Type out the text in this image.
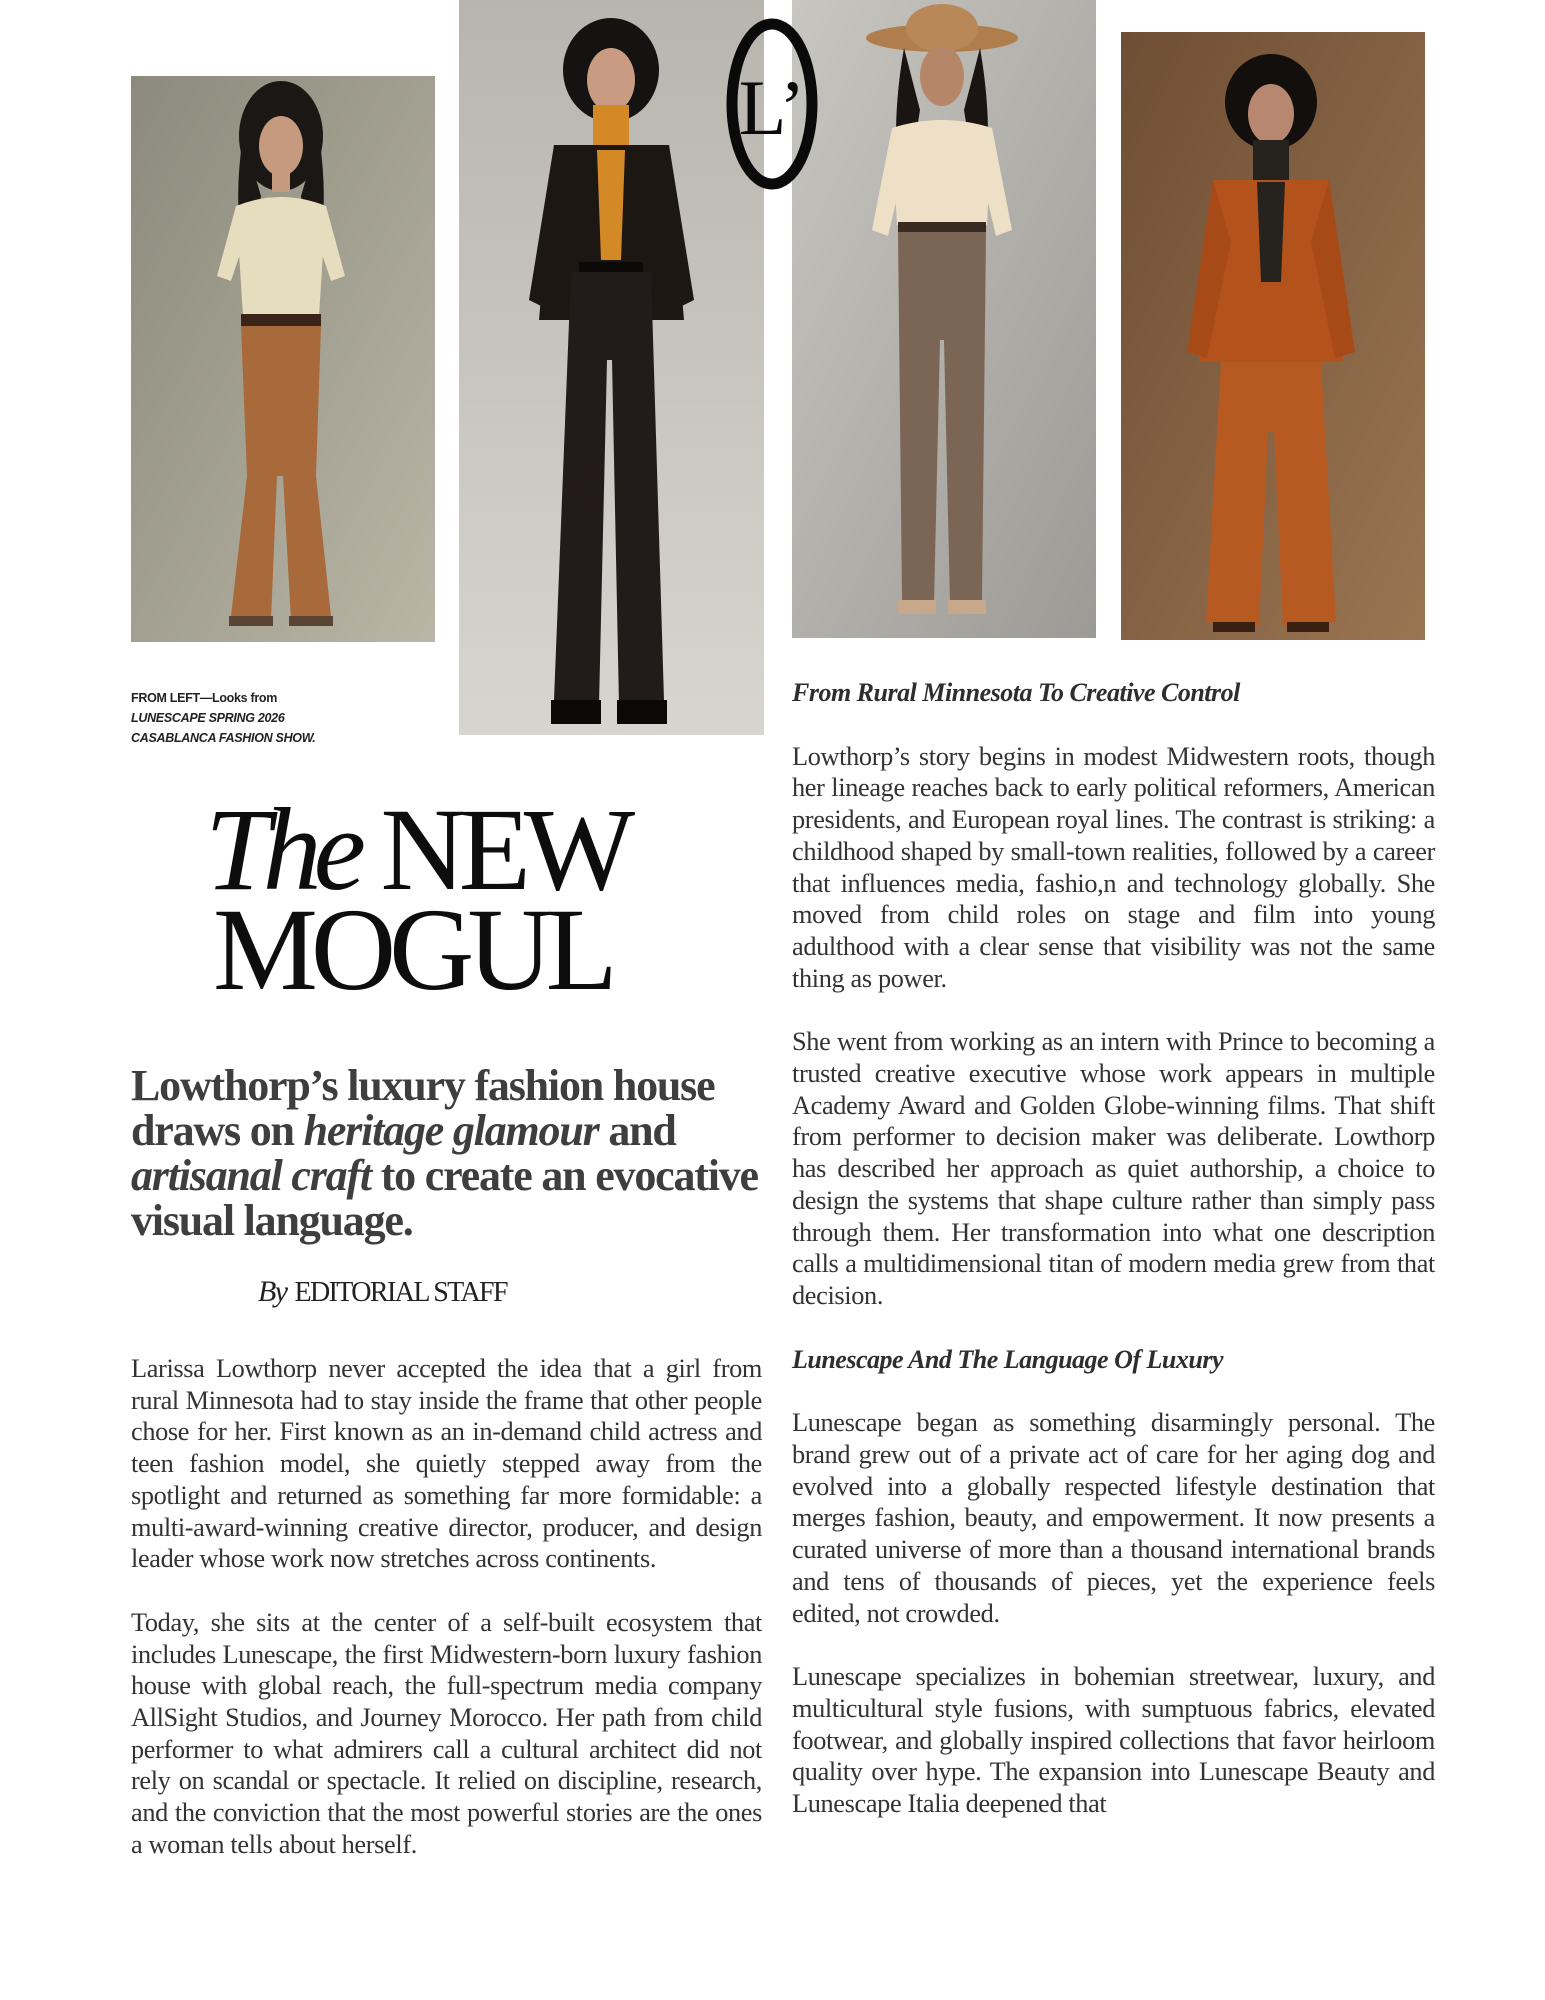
L’
FROM LEFT—Looks from
LUNESCAPE SPRING 2026
CASABLANCA FASHION SHOW.
The NEW
MOGUL
Lowthorp’s luxury fashion house draws on heritage glamour and artisanal craft to create an evocative visual language.
By EDITORIAL STAFF

Larissa Lowthorp never accepted the idea that a girl from rural Minnesota had to stay inside the frame that other people chose for her. First known as an in-demand child actress and teen fashion model, she quietly stepped away from the spotlight and returned as something far more formidable: a multi-award-winning creative director, producer, and design leader whose work now stretches across continents.

Today, she sits at the center of a self-built ecosystem that includes Lunescape, the first Midwestern-born luxury fashion house with global reach, the full-spectrum media company AllSight Studios, and Journey Morocco. Her path from child performer to what admirers call a cultural architect did not rely on scandal or spectacle. It relied on discipline, research, and the conviction that the most powerful stories are the ones a woman tells about herself.

From Rural Minnesota To Creative Control

Lowthorp’s story begins in modest Midwestern roots, though her lineage reaches back to early political reformers, American presidents, and European royal lines. The contrast is striking: a childhood shaped by small-town realities, followed by a career that influences media, fashio,n and technology globally. She moved from child roles on stage and film into young adulthood with a clear sense that visibility was not the same thing as power.

She went from working as an intern with Prince to becoming a trusted creative executive whose work appears in multiple Academy Award and Golden Globe-winning films. That shift from performer to decision maker was deliberate. Lowthorp has described her approach as quiet authorship, a choice to design the systems that shape culture rather than simply pass through them. Her transformation into what one description calls a multidimensional titan of modern media grew from that decision.

Lunescape And The Language Of Luxury

Lunescape began as something disarmingly personal. The brand grew out of a private act of care for her aging dog and evolved into a globally respected lifestyle destination that merges fashion, beauty, and empowerment. It now presents a curated universe of more than a thousand international brands and tens of thousands of pieces, yet the experience feels edited, not crowded.

Lunescape specializes in bohemian streetwear, luxury, and multicultural style fusions, with sumptuous fabrics, elevated footwear, and globally inspired collections that favor heirloom quality over hype. The expansion into Lunescape Beauty and Lunescape Italia deepened that
